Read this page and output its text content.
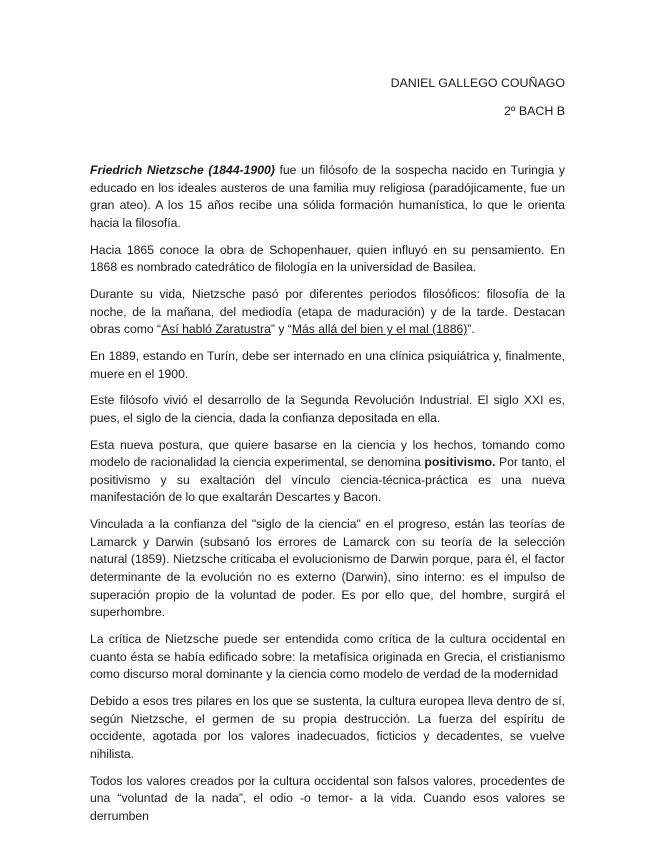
DANIEL GALLEGO COUÑAGO

2º BACH B

Friedrich Nietzsche (1844-1900) fue un filósofo de la sospecha nacido en Turingia y educado en los ideales austeros de una familia muy religiosa (paradójicamente, fue un gran ateo). A los 15 años recibe una sólida formación humanística, lo que le orienta hacia la filosofía.

Hacia 1865 conoce la obra de Schopenhauer, quien influyó en su pensamiento. En 1868 es nombrado catedrático de filología en la universidad de Basilea.

Durante su vida, Nietzsche pasó por diferentes periodos filosóficos: filosofía de la noche, de la mañana, del mediodía (etapa de maduración) y de la tarde. Destacan obras como “Así habló Zaratustra” y “Más allá del bien y el mal (1886)”.

En 1889, estando en Turín, debe ser internado en una clínica psiquiátrica y, finalmente, muere en el 1900.

Este filósofo vivió el desarrollo de la Segunda Revolución Industrial. El siglo XXI es, pues, el siglo de la ciencia, dada la confianza depositada en ella.

Esta nueva postura, que quiere basarse en la ciencia y los hechos, tomando como modelo de racionalidad la ciencia experimental, se denomina positivismo. Por tanto, el positivismo y su exaltación del vínculo ciencia-técnica-práctica es una nueva manifestación de lo que exaltarán Descartes y Bacon.

Vinculada a la confianza del "siglo de la ciencia" en el progreso, están las teorías de Lamarck y Darwin (subsanó los errores de Lamarck con su teoría de la selección natural (1859). Nietzsche criticaba el evolucionismo de Darwin porque, para él, el factor determinante de la evolución no es externo (Darwin), sino interno: es el impulso de superación propio de la voluntad de poder. Es por ello que, del hombre, surgirá el superhombre.

La crítica de Nietzsche puede ser entendida como crítica de la cultura occidental en cuanto ésta se había edificado sobre: la metafísica originada en Grecia, el cristianismo como discurso moral dominante y la ciencia como modelo de verdad de la modernidad

Debido a esos tres pilares en los que se sustenta, la cultura europea lleva dentro de sí, según Nietzsche, el germen de su propia destrucción. La fuerza del espíritu de occidente, agotada por los valores inadecuados, ficticios y decadentes, se vuelve nihilista.

Todos los valores creados por la cultura occidental son falsos valores, procedentes de una “voluntad de la nada”, el odio -o temor- a la vida. Cuando esos valores se derrumben
